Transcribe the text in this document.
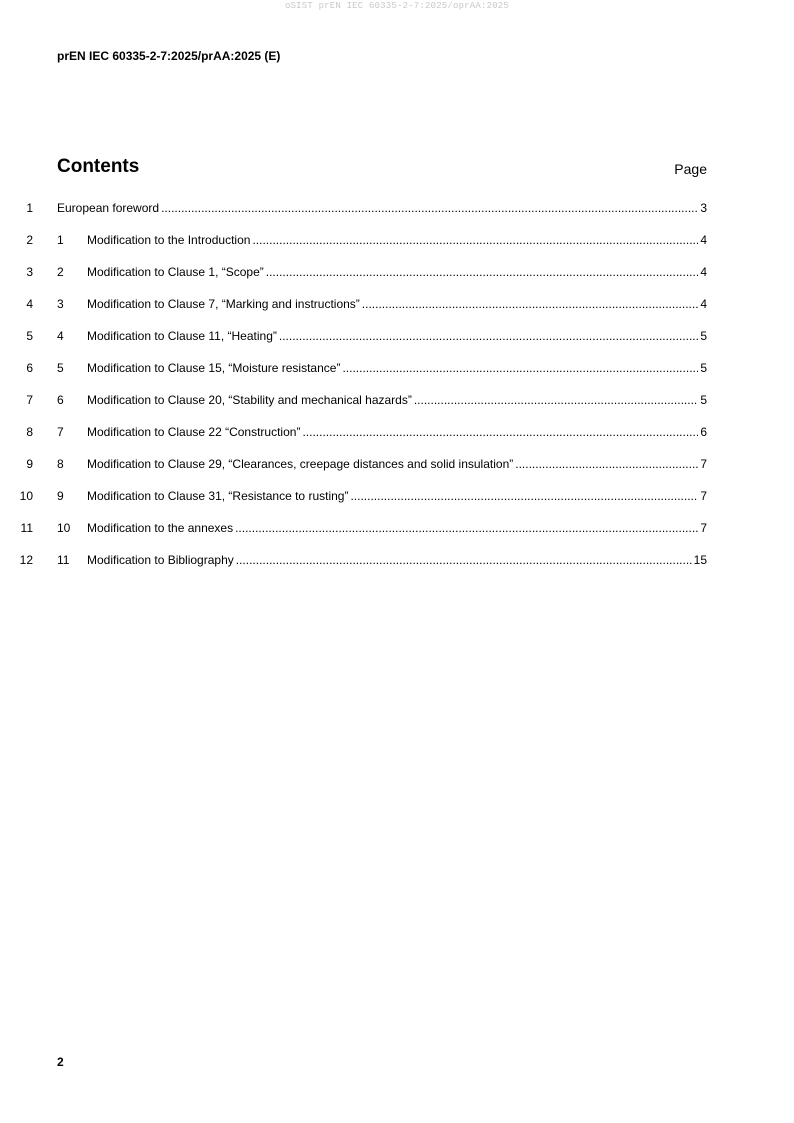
oSIST prEN IEC 60335-2-7:2025/oprAA:2025
prEN IEC 60335-2-7:2025/prAA:2025 (E)
Contents	Page
1 European foreword .....	3
2 1	Modification to the Introduction .....	4
3 2	Modification to Clause 1, “Scope” .....	4
4 3	Modification to Clause 7, “Marking and instructions” .....	4
5 4	Modification to Clause 11, “Heating” .....	5
6 5	Modification to Clause 15, “Moisture resistance” .....	5
7 6	Modification to Clause 20, “Stability and mechanical hazards” .....	5
8 7	Modification to Clause 22 “Construction” .....	6
9 8	Modification to Clause 29, “Clearances, creepage distances and solid insulation” .....	7
10 9	Modification to Clause 31, “Resistance to rusting” .....	7
11 10	Modification to the annexes .....	7
12 11	Modification to Bibliography .....	15
2
